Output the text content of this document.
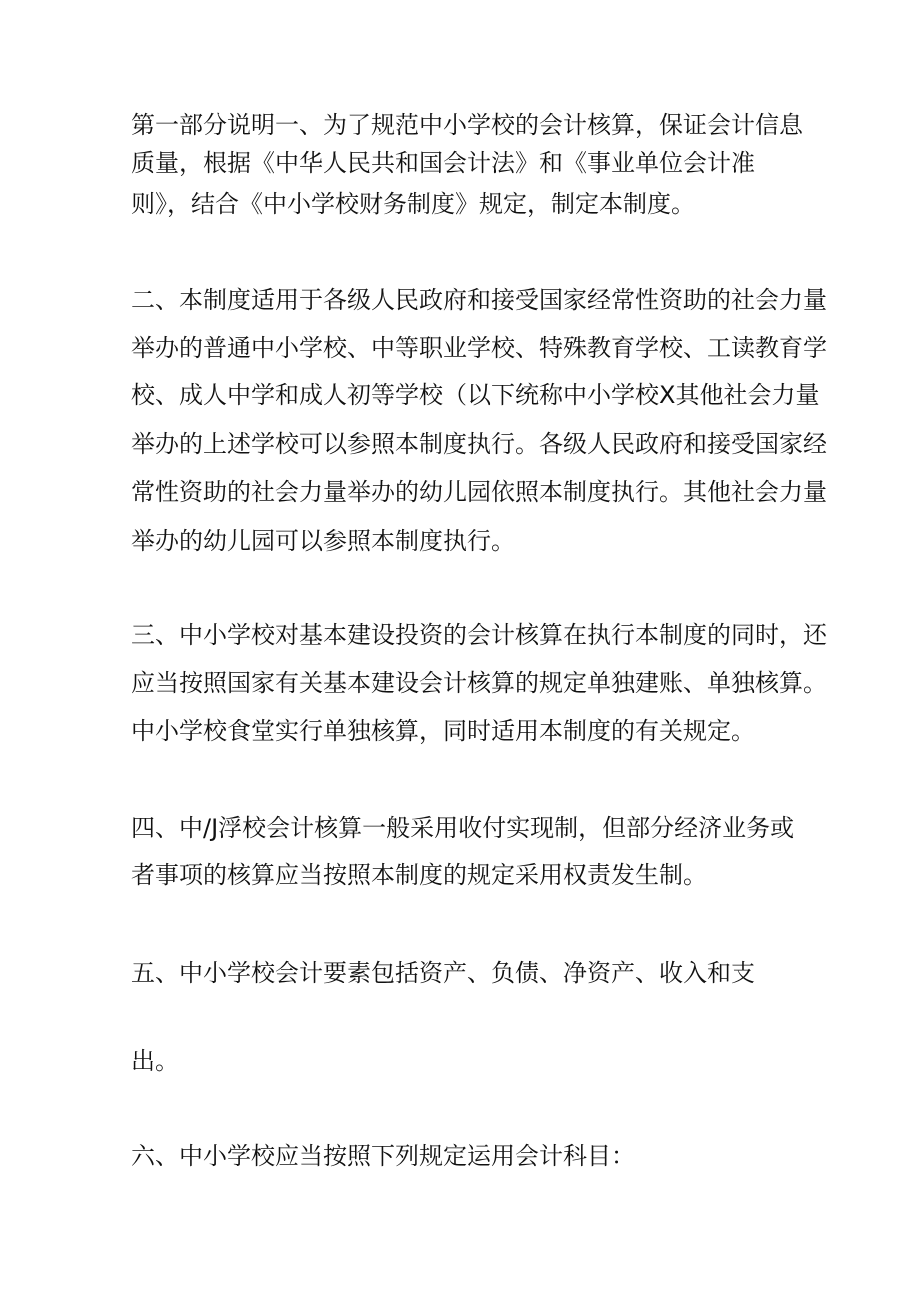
第一部分说明一、为了规范中小学校的会计核算，保证会计信息
质量，根据《中华人民共和国会计法》和《事业单位会计准
则》，结合《中小学校财务制度》规定，制定本制度。
二、本制度适用于各级人民政府和接受国家经常性资助的社会力量
举办的普通中小学校、中等职业学校、特殊教育学校、工读教育学
校、成人中学和成人初等学校（以下统称中小学校X其他社会力量
举办的上述学校可以参照本制度执行。各级人民政府和接受国家经
常性资助的社会力量举办的幼儿园依照本制度执行。其他社会力量
举办的幼儿园可以参照本制度执行。
三、中小学校对基本建设投资的会计核算在执行本制度的同时，还
应当按照国家有关基本建设会计核算的规定单独建账、单独核算。
中小学校食堂实行单独核算，同时适用本制度的有关规定。
四、中/J浮校会计核算一般采用收付实现制，但部分经济业务或
者事项的核算应当按照本制度的规定采用权责发生制。
五、中小学校会计要素包括资产、负债、净资产、收入和支
出。
六、中小学校应当按照下列规定运用会计科目：
